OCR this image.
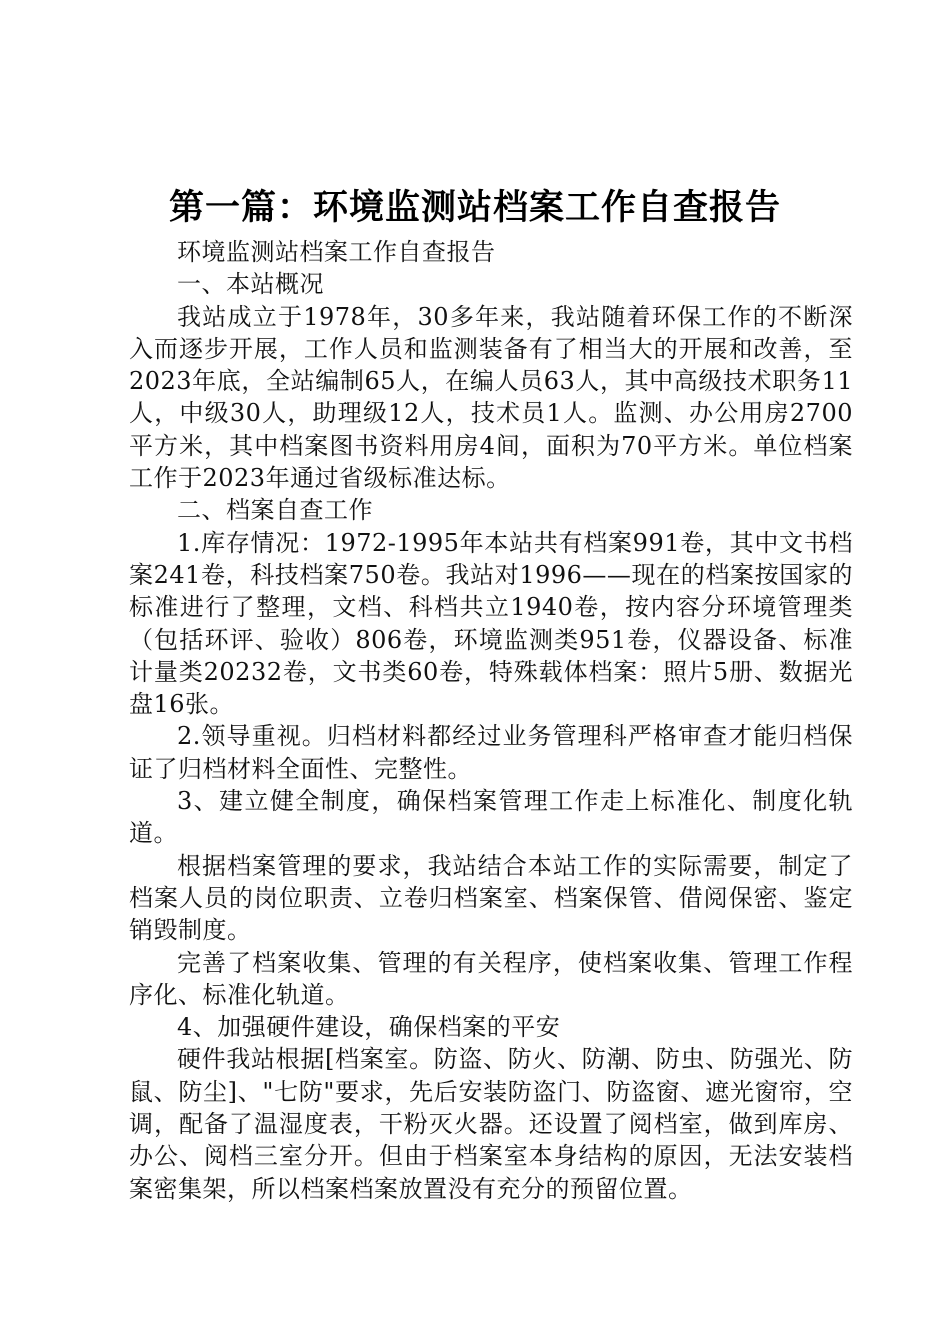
第一篇：环境监测站档案工作自查报告

环境监测站档案工作自查报告

一、本站概况

我站成立于1978年，30多年来，我站随着环保工作的不断深入而逐步开展，工作人员和监测装备有了相当大的开展和改善，至2023年底，全站编制65人，在编人员63人，其中高级技术职务11人，中级30人，助理级12人，技术员1人。监测、办公用房2700平方米，其中档案图书资料用房4间，面积为70平方米。单位档案工作于2023年通过省级标准达标。

二、档案自查工作

1.库存情况：1972-1995年本站共有档案991卷，其中文书档案241卷，科技档案750卷。我站对1996——现在的档案按国家的标准进行了整理，文档、科档共立1940卷，按内容分环境管理类（包括环评、验收）806卷，环境监测类951卷，仪器设备、标准计量类20232卷，文书类60卷，特殊载体档案：照片5册、数据光盘16张。

2.领导重视。归档材料都经过业务管理科严格审查才能归档保证了归档材料全面性、完整性。

3、建立健全制度，确保档案管理工作走上标准化、制度化轨道。

根据档案管理的要求，我站结合本站工作的实际需要，制定了档案人员的岗位职责、立卷归档案室、档案保管、借阅保密、鉴定销毁制度。

完善了档案收集、管理的有关程序，使档案收集、管理工作程序化、标准化轨道。

4、加强硬件建设，确保档案的平安

硬件我站根据[档案室。防盗、防火、防潮、防虫、防强光、防鼠、防尘]、"七防"要求，先后安装防盗门、防盗窗、遮光窗帘，空调，配备了温湿度表，干粉灭火器。还设置了阅档室，做到库房、办公、阅档三室分开。但由于档案室本身结构的原因，无法安装档案密集架，所以档案档案放置没有充分的预留位置。
